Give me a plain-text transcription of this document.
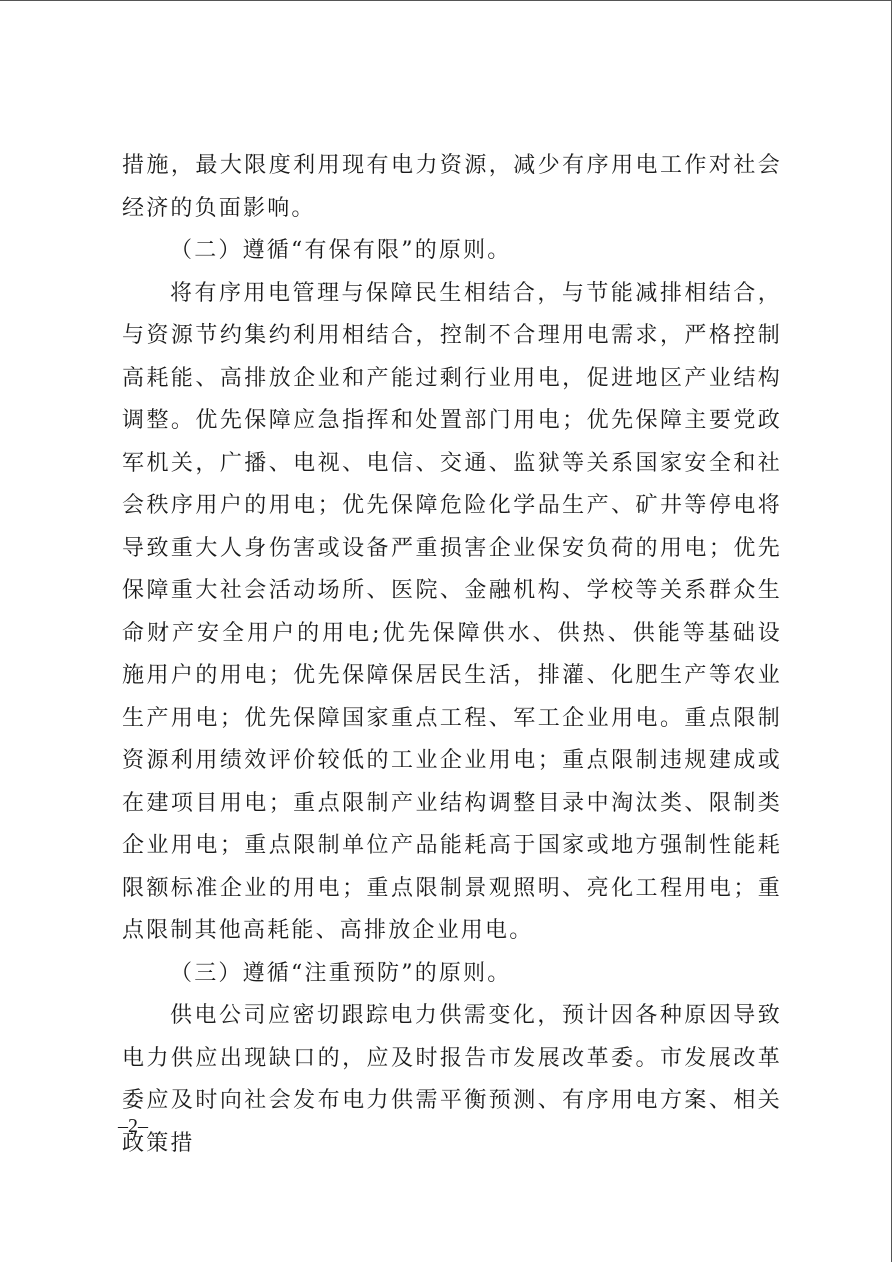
措施，最大限度利用现有电力资源，减少有序用电工作对社会经济的负面影响。

（二）遵循“有保有限”的原则。

将有序用电管理与保障民生相结合，与节能减排相结合，与资源节约集约利用相结合，控制不合理用电需求，严格控制高耗能、高排放企业和产能过剩行业用电，促进地区产业结构调整。优先保障应急指挥和处置部门用电；优先保障主要党政军机关，广播、电视、电信、交通、监狱等关系国家安全和社会秩序用户的用电；优先保障危险化学品生产、矿井等停电将导致重大人身伤害或设备严重损害企业保安负荷的用电；优先保障重大社会活动场所、医院、金融机构、学校等关系群众生命财产安全用户的用电;优先保障供水、供热、供能等基础设施用户的用电；优先保障保居民生活，排灌、化肥生产等农业生产用电；优先保障国家重点工程、军工企业用电。重点限制资源利用绩效评价较低的工业企业用电；重点限制违规建成或在建项目用电；重点限制产业结构调整目录中淘汰类、限制类企业用电；重点限制单位产品能耗高于国家或地方强制性能耗限额标准企业的用电；重点限制景观照明、亮化工程用电；重点限制其他高耗能、高排放企业用电。

（三）遵循“注重预防”的原则。

供电公司应密切跟踪电力供需变化，预计因各种原因导致电力供应出现缺口的，应及时报告市发展改革委。市发展改革委应及时向社会发布电力供需平衡预测、有序用电方案、相关政策措

–2–
